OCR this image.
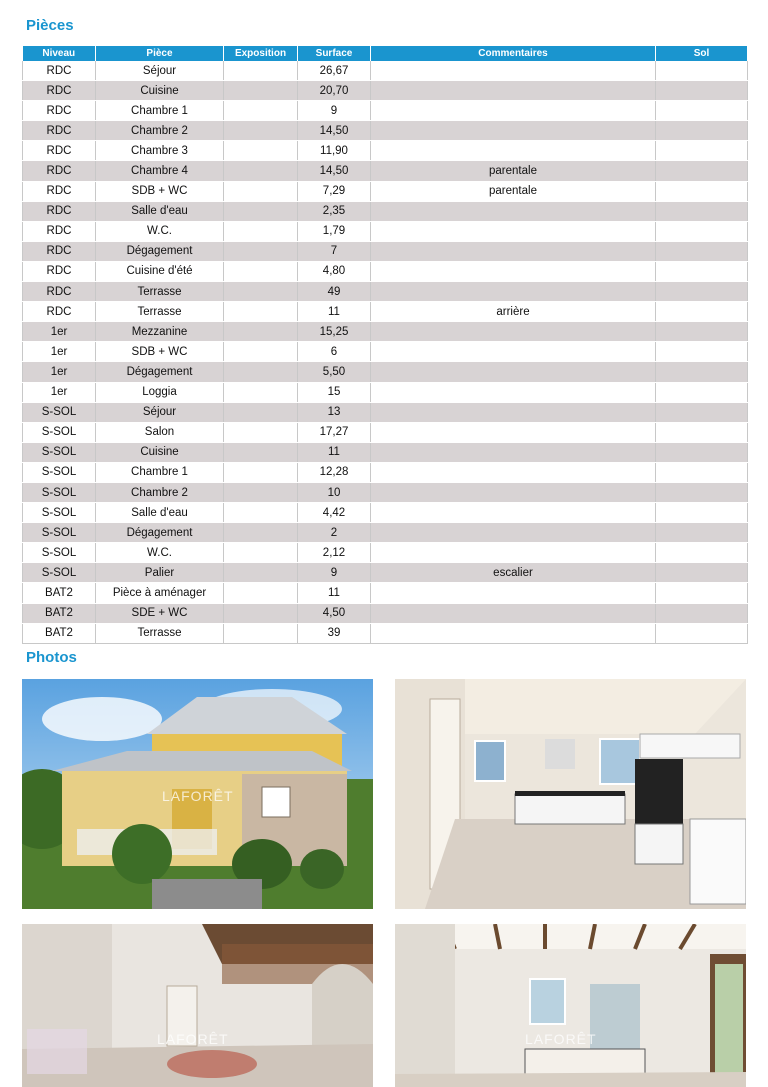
Pièces
Niveau	Pièce	Exposition	Surface	Commentaires	Sol
RDC	Séjour		26,67		
RDC	Cuisine		20,70		
RDC	Chambre 1		9		
RDC	Chambre 2		14,50		
RDC	Chambre 3		11,90		
RDC	Chambre 4		14,50	parentale	
RDC	SDB + WC		7,29	parentale	
RDC	Salle d'eau		2,35		
RDC	W.C.		1,79		
RDC	Dégagement		7		
RDC	Cuisine d'été		4,80		
RDC	Terrasse		49		
RDC	Terrasse		11	arrière	
1er	Mezzanine		15,25		
1er	SDB + WC		6		
1er	Dégagement		5,50		
1er	Loggia		15		
S-SOL	Séjour		13		
S-SOL	Salon		17,27		
S-SOL	Cuisine		11		
S-SOL	Chambre 1		12,28		
S-SOL	Chambre 2		10		
S-SOL	Salle d'eau		4,42		
S-SOL	Dégagement		2		
S-SOL	W.C.		2,12		
S-SOL	Palier		9	escalier	
BAT2	Pièce à aménager		11		
BAT2	SDE + WC		4,50		
BAT2	Terrasse		39		
Photos
LAFORÊT
LAFORÊT	LAFORÊT
